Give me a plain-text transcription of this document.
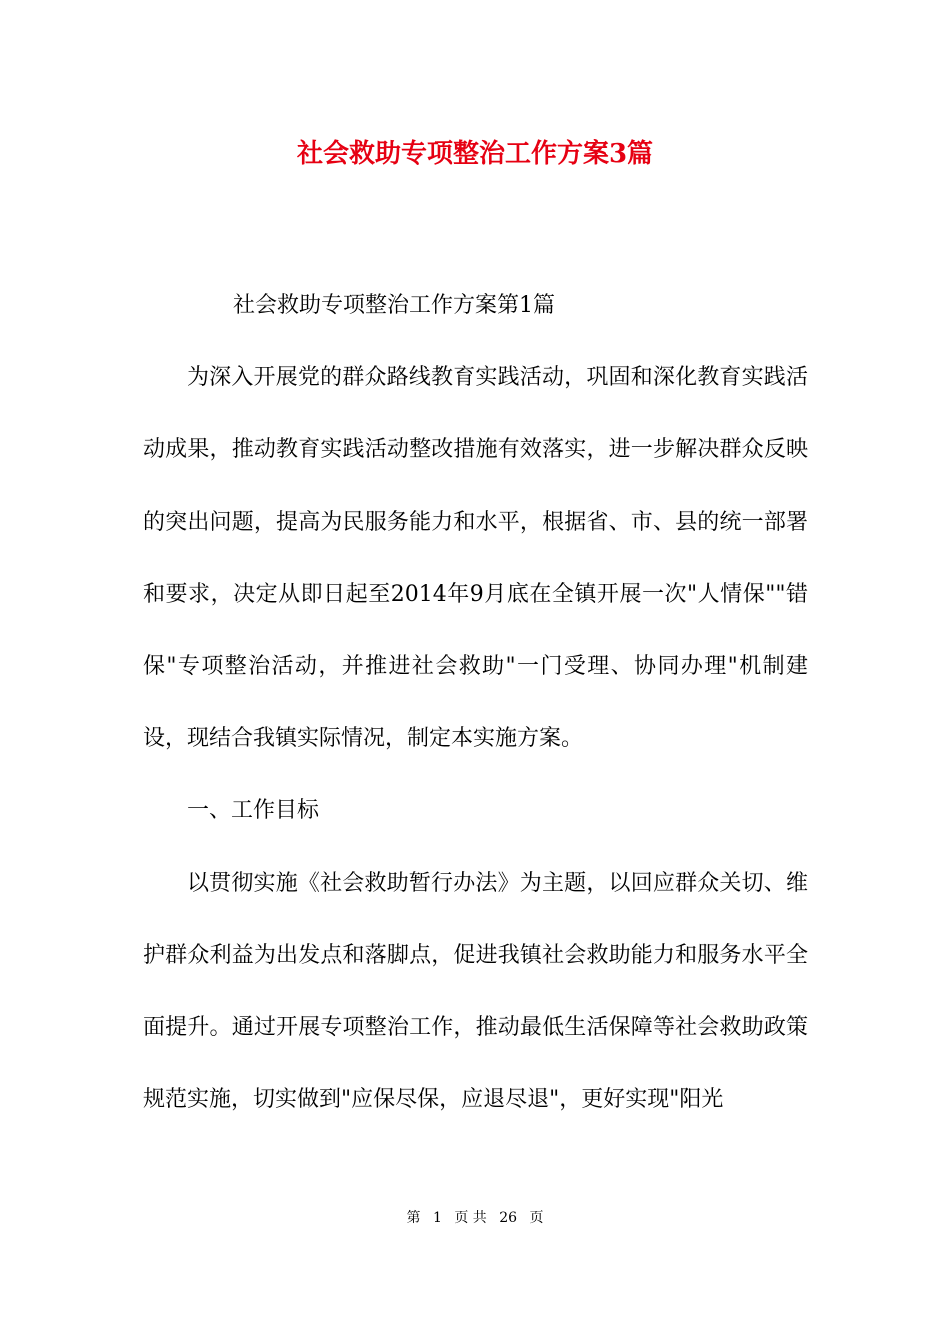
社会救助专项整治工作方案3篇

社会救助专项整治工作方案第1篇

为深入开展党的群众路线教育实践活动，巩固和深化教育实践活动成果，推动教育实践活动整改措施有效落实，进一步解决群众反映的突出问题，提高为民服务能力和水平，根据省、市、县的统一部署和要求，决定从即日起至2014年9月底在全镇开展一次"人情保""错保"专项整治活动，并推进社会救助"一门受理、协同办理"机制建设，现结合我镇实际情况，制定本实施方案。

一、工作目标

以贯彻实施《社会救助暂行办法》为主题，以回应群众关切、维护群众利益为出发点和落脚点，促进我镇社会救助能力和服务水平全面提升。通过开展专项整治工作，推动最低生活保障等社会救助政策规范实施，切实做到"应保尽保，应退尽退"，更好实现"阳光

第 1 页 共 26 页
